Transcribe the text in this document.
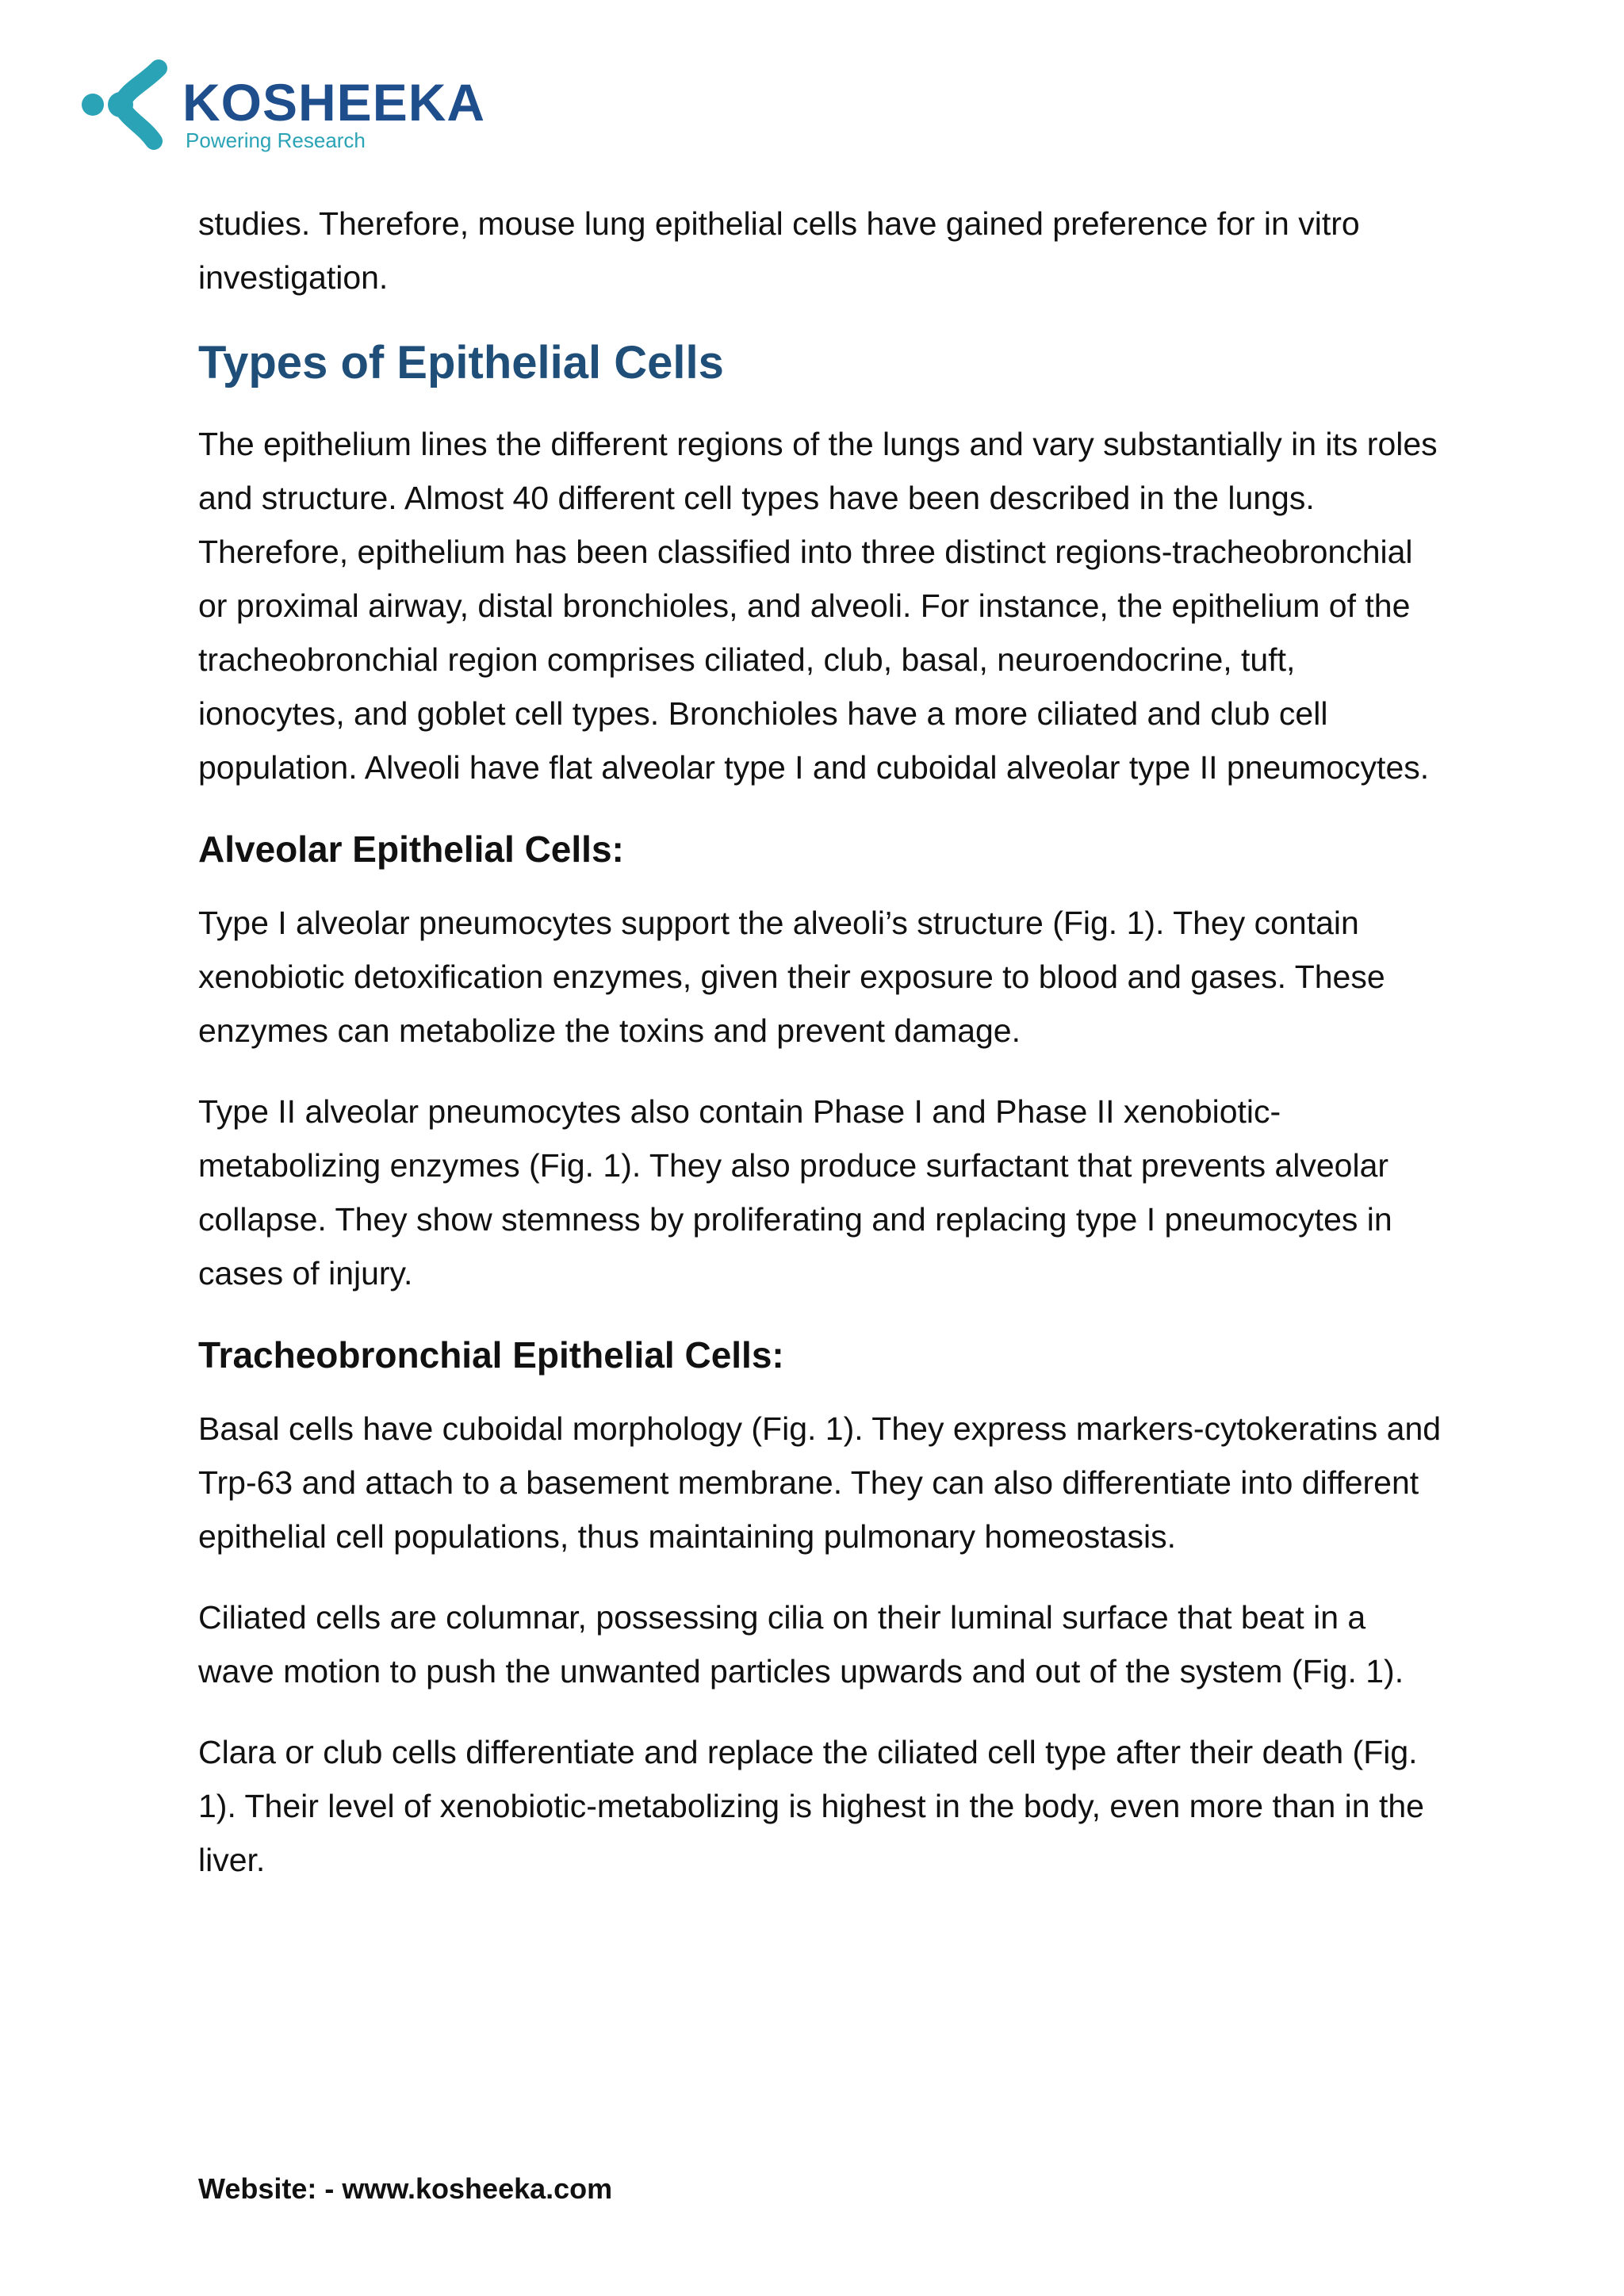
KOSHEEKA
Powering Research

studies. Therefore, mouse lung epithelial cells have gained preference for in vitro investigation.

Types of Epithelial Cells

The epithelium lines the different regions of the lungs and vary substantially in its roles and structure. Almost 40 different cell types have been described in the lungs. Therefore, epithelium has been classified into three distinct regions-tracheobronchial or proximal airway, distal bronchioles, and alveoli. For instance, the epithelium of the tracheobronchial region comprises ciliated, club, basal, neuroendocrine, tuft, ionocytes, and goblet cell types. Bronchioles have a more ciliated and club cell population. Alveoli have flat alveolar type I and cuboidal alveolar type II pneumocytes.

Alveolar Epithelial Cells:

Type I alveolar pneumocytes support the alveoli’s structure (Fig. 1). They contain xenobiotic detoxification enzymes, given their exposure to blood and gases. These enzymes can metabolize the toxins and prevent damage.

Type II alveolar pneumocytes also contain Phase I and Phase II xenobiotic-metabolizing enzymes (Fig. 1). They also produce surfactant that prevents alveolar collapse. They show stemness by proliferating and replacing type I pneumocytes in cases of injury.

Tracheobronchial Epithelial Cells:

Basal cells have cuboidal morphology (Fig. 1). They express markers-cytokeratins and Trp-63 and attach to a basement membrane. They can also differentiate into different epithelial cell populations, thus maintaining pulmonary homeostasis.

Ciliated cells are columnar, possessing cilia on their luminal surface that beat in a wave motion to push the unwanted particles upwards and out of the system (Fig. 1).

Clara or club cells differentiate and replace the ciliated cell type after their death (Fig. 1). Their level of xenobiotic-metabolizing is highest in the body, even more than in the liver.

Website: - www.kosheeka.com
